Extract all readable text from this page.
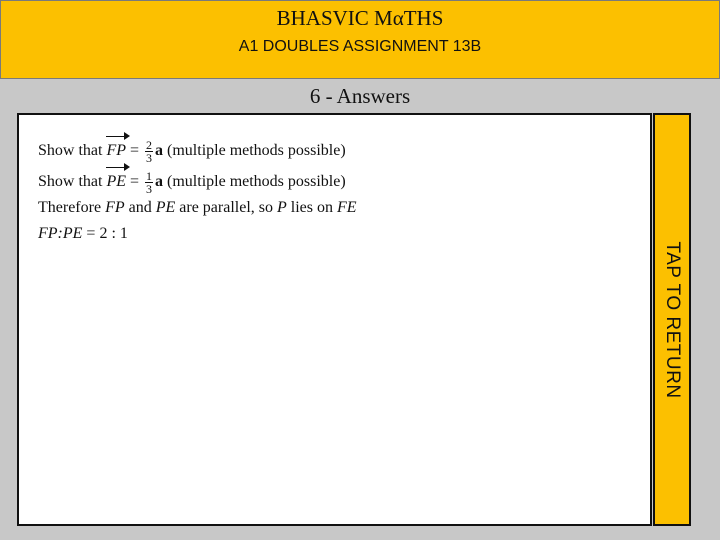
BHASVIC MαTHS
A1 DOUBLES ASSIGNMENT 13B
6 - Answers
Show that FP = $\frac{2}{3}$ a (multiple methods possible)
Show that PE = $\frac{1}{3}$ a (multiple methods possible)
Therefore FP and PE are parallel, so P lies on FE
FP:PE = 2 : 1
TAP TO RETURN
